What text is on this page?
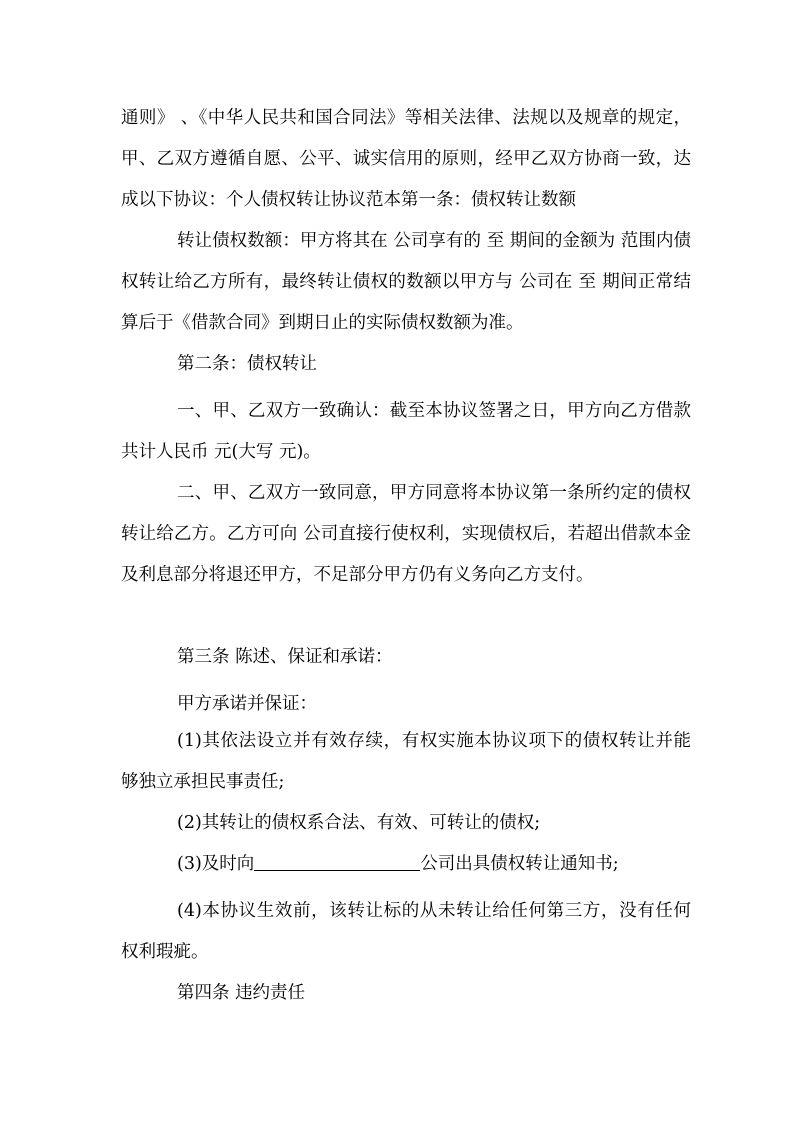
通则》 、《中华人民共和国合同法》等相关法律、法规以及规章的规定，甲、乙双方遵循自愿、公平、诚实信用的原则，经甲乙双方协商一致，达成以下协议：个人债权转让协议范本第一条：债权转让数额

转让债权数额：甲方将其在 公司享有的 至 期间的金额为 范围内债权转让给乙方所有，最终转让债权的数额以甲方与 公司在 至 期间正常结算后于《借款合同》到期日止的实际债权数额为准。

第二条：债权转让

一、甲、乙双方一致确认：截至本协议签署之日，甲方向乙方借款共计人民币 元(大写 元)。

二、甲、乙双方一致同意，甲方同意将本协议第一条所约定的债权转让给乙方。乙方可向 公司直接行使权利，实现债权后，若超出借款本金及利息部分将退还甲方，不足部分甲方仍有义务向乙方支付。

第三条 陈述、保证和承诺：

甲方承诺并保证：

(1)其依法设立并有效存续，有权实施本协议项下的债权转让并能够独立承担民事责任;

(2)其转让的债权系合法、有效、可转让的债权;

(3)及时向	公司出具债权转让通知书;

(4)本协议生效前，该转让标的从未转让给任何第三方，没有任何权利瑕疵。

第四条 违约责任
